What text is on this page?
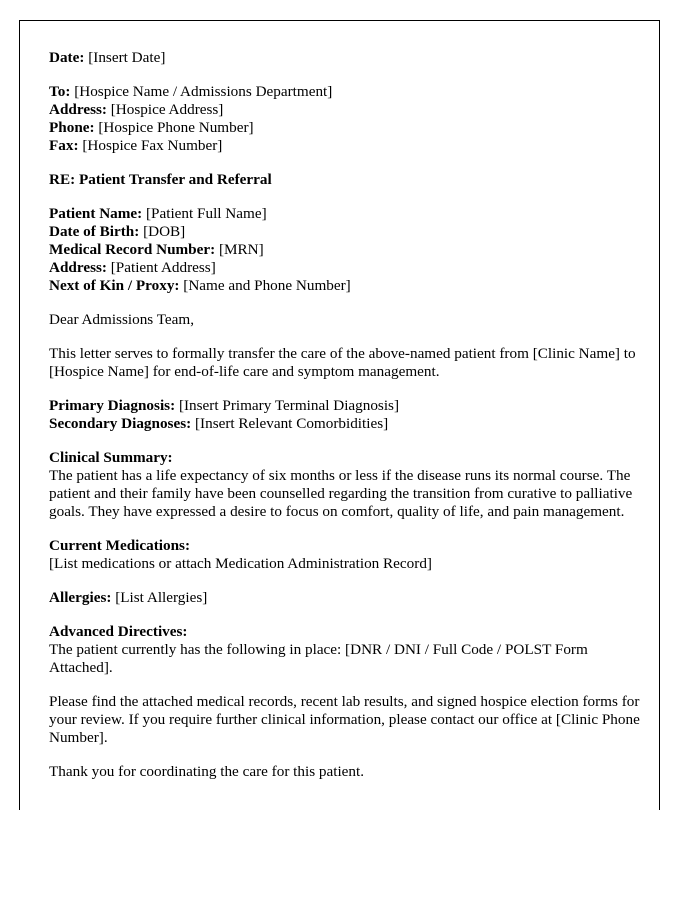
Date: [Insert Date]
To: [Hospice Name / Admissions Department]
Address: [Hospice Address]
Phone: [Hospice Phone Number]
Fax: [Hospice Fax Number]
RE: Patient Transfer and Referral
Patient Name: [Patient Full Name]
Date of Birth: [DOB]
Medical Record Number: [MRN]
Address: [Patient Address]
Next of Kin / Proxy: [Name and Phone Number]
Dear Admissions Team,
This letter serves to formally transfer the care of the above-named patient from [Clinic Name] to [Hospice Name] for end-of-life care and symptom management.
Primary Diagnosis: [Insert Primary Terminal Diagnosis]
Secondary Diagnoses: [Insert Relevant Comorbidities]
Clinical Summary:
The patient has a life expectancy of six months or less if the disease runs its normal course. The patient and their family have been counselled regarding the transition from curative to palliative goals. They have expressed a desire to focus on comfort, quality of life, and pain management.
Current Medications:
[List medications or attach Medication Administration Record]
Allergies: [List Allergies]
Advanced Directives:
The patient currently has the following in place: [DNR / DNI / Full Code / POLST Form Attached].
Please find the attached medical records, recent lab results, and signed hospice election forms for your review. If you require further clinical information, please contact our office at [Clinic Phone Number].
Thank you for coordinating the care for this patient.
